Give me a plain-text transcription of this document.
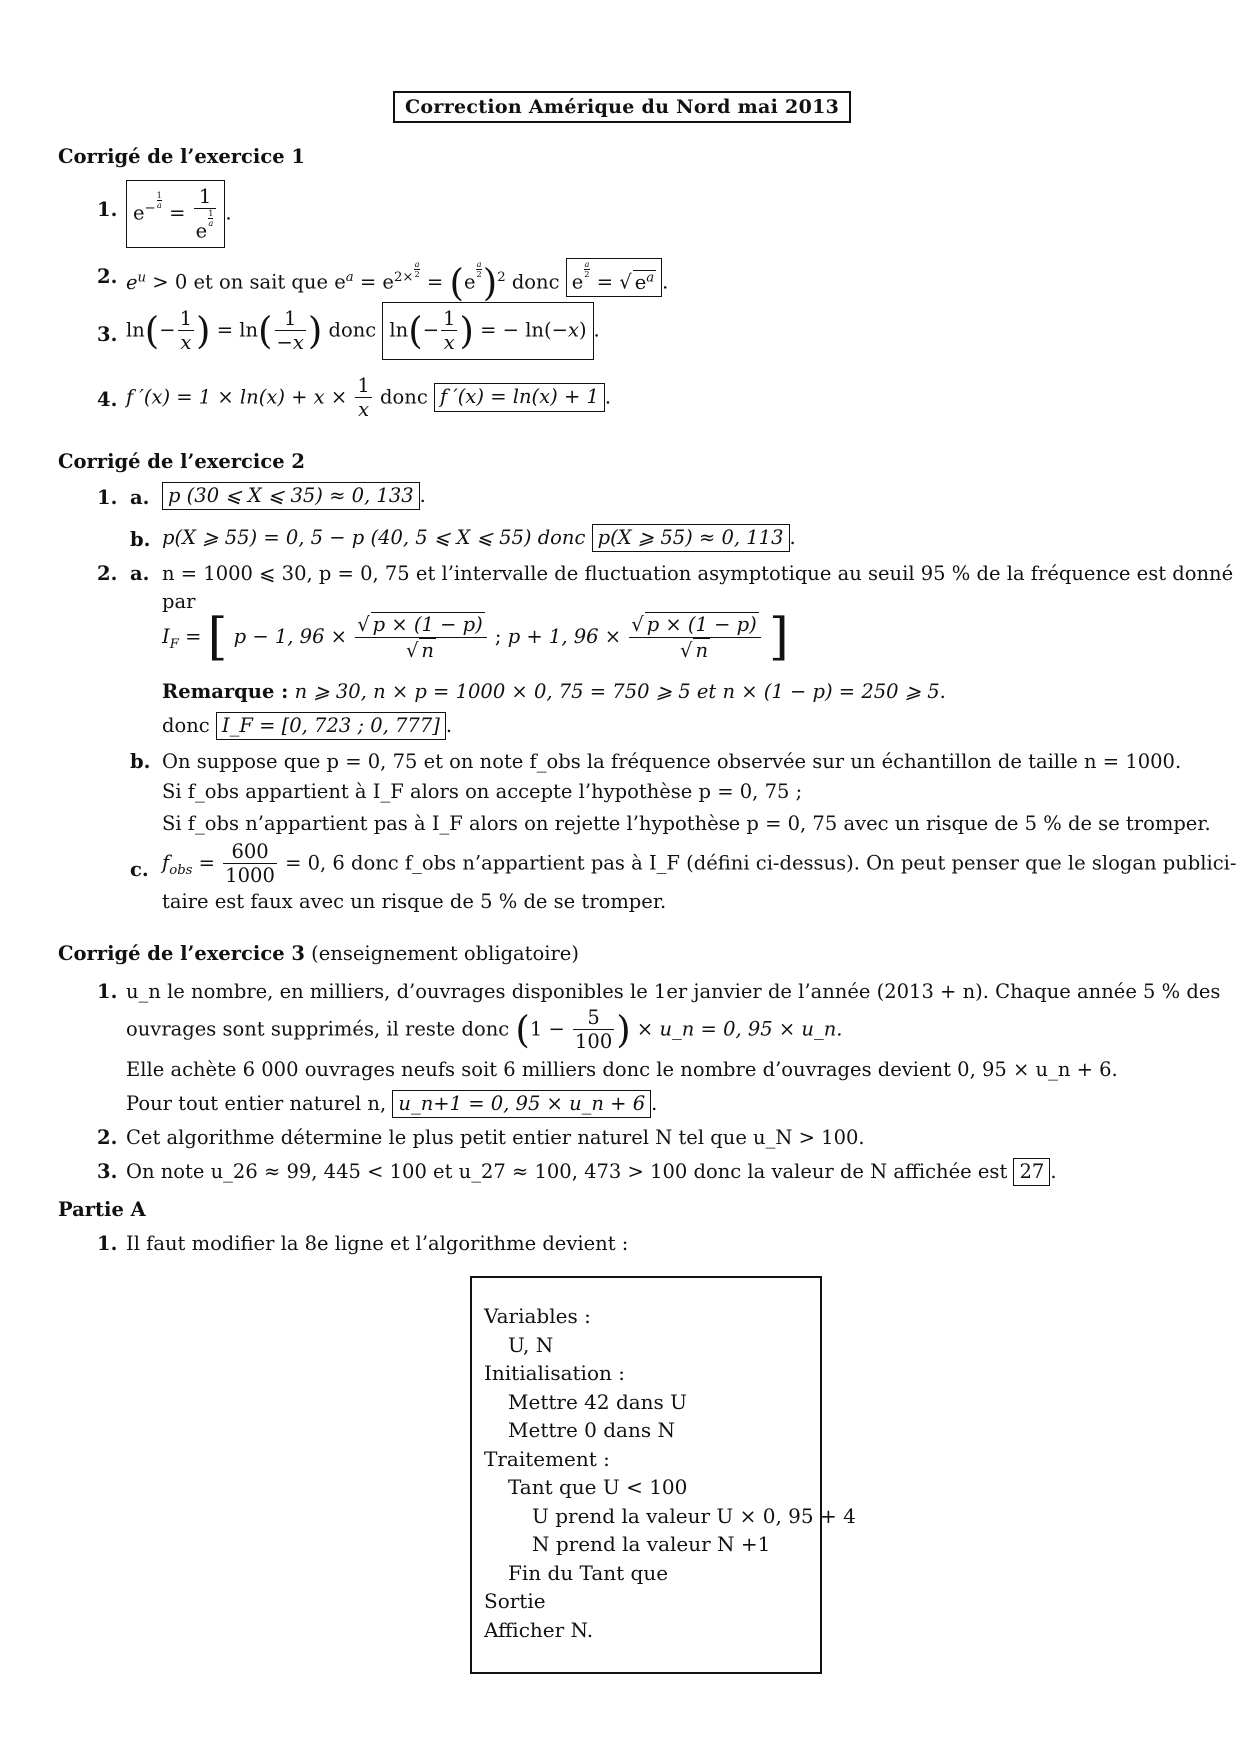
Correction Amérique du Nord mai 2013
Corrigé de l’exercice 1
1. $e^{- \frac{1}{a}}$
= 1
e
$^{\frac{1}{a}}$ .
2. $e^u > 0$ et on sait que $e^a = e^{2\times \frac{a}{2}}$
= (e
$^{\frac{a}{2}}$ )$^2$ donc e
$^{\frac{a}{2}}$
= √ $e^a$ .
3. $\ln(- \frac{1}{x}$ ) = $\ln( \frac{1}{-x}$ ) donc $\ln(- \frac{1}{x}$ ) = − ln(−x) .
4. f $'(x) = 1 \times \ln(x) + x \times \frac{1}{x}$ donc f ′(x) = ln(x) + 1 .
Corrigé de l’exercice 2
1. a. p (30 ⩽ X ⩽ 35) ≈ 0, 133 .
b. p(X ⩾ 55) = 0, 5 − p (40, 5 ⩽ X ⩽ 55) donc p(X ⩾ 55) ≈ 0, 113 .
2. a. n = 1000 ⩽ 30, p = 0, 75 et l’intervalle de fluctuation asymptotique au seuil 95 % de la fréquence est donné
par
$I_F$ = [ p − 1, $96 \times \frac{√ p \times (1 - p)}{√ n}$ ; p + 1, $96 \times \frac{√ p \times (1 - p)}{√ n}$ ]
Remarque : n ⩾ 30, n × p = 1000 × 0, 75 = 750 ⩾ 5 et n × (1 − p) = 250 ⩾ 5.
donc I_F = [0, 723 ; 0, 777] .
b. On suppose que p = 0, 75 et on note f_obs la fréquence observée sur un échantillon de taille n = 1000.
Si f_obs appartient à I_F alors on accepte l’hypothèse p = 0, 75 ;
Si f_obs n’appartient pas à I_F alors on rejette l’hypothèse p = 0, 75 avec un risque de 5 % de se tromper.
c. $f_{obs} = \frac{600}{1000} = 0$, 6 donc f_obs n’appartient pas à I_F (défini ci-dessus). On peut penser que le slogan publici-
taire est faux avec un risque de 5 % de se tromper.
Corrigé de l’exercice 3 (enseignement obligatoire)
1. u_n le nombre, en milliers, d’ouvrages disponibles le 1er janvier de l’année (2013 + n). Chaque année 5 % des
ouvrages sont supprimés, il reste donc ($1 - \frac{5}{100}$ ) × u_n = 0, 95 × u_n.
Elle achète 6 000 ouvrages neufs soit 6 milliers donc le nombre d’ouvrages devient 0, 95 × u_n + 6.
Pour tout entier naturel n, u_n+1 = 0, 95 × u_n + 6 .
2. Cet algorithme détermine le plus petit entier naturel N tel que u_N > 100.
3. On note u_26 ≈ 99, 445 < 100 et u_27 ≈ 100, 473 > 100 donc la valeur de N affichée est 27 .
Partie A
1. Il faut modifier la 8e ligne et l’algorithme devient :
Variables :
U, N
Initialisation :
Mettre 42 dans U
Mettre 0 dans N
Traitement :
Tant que U < 100
U prend la valeur U × 0, 95 + 4
N prend la valeur N +1
Fin du Tant que
Sortie
Afficher N.
